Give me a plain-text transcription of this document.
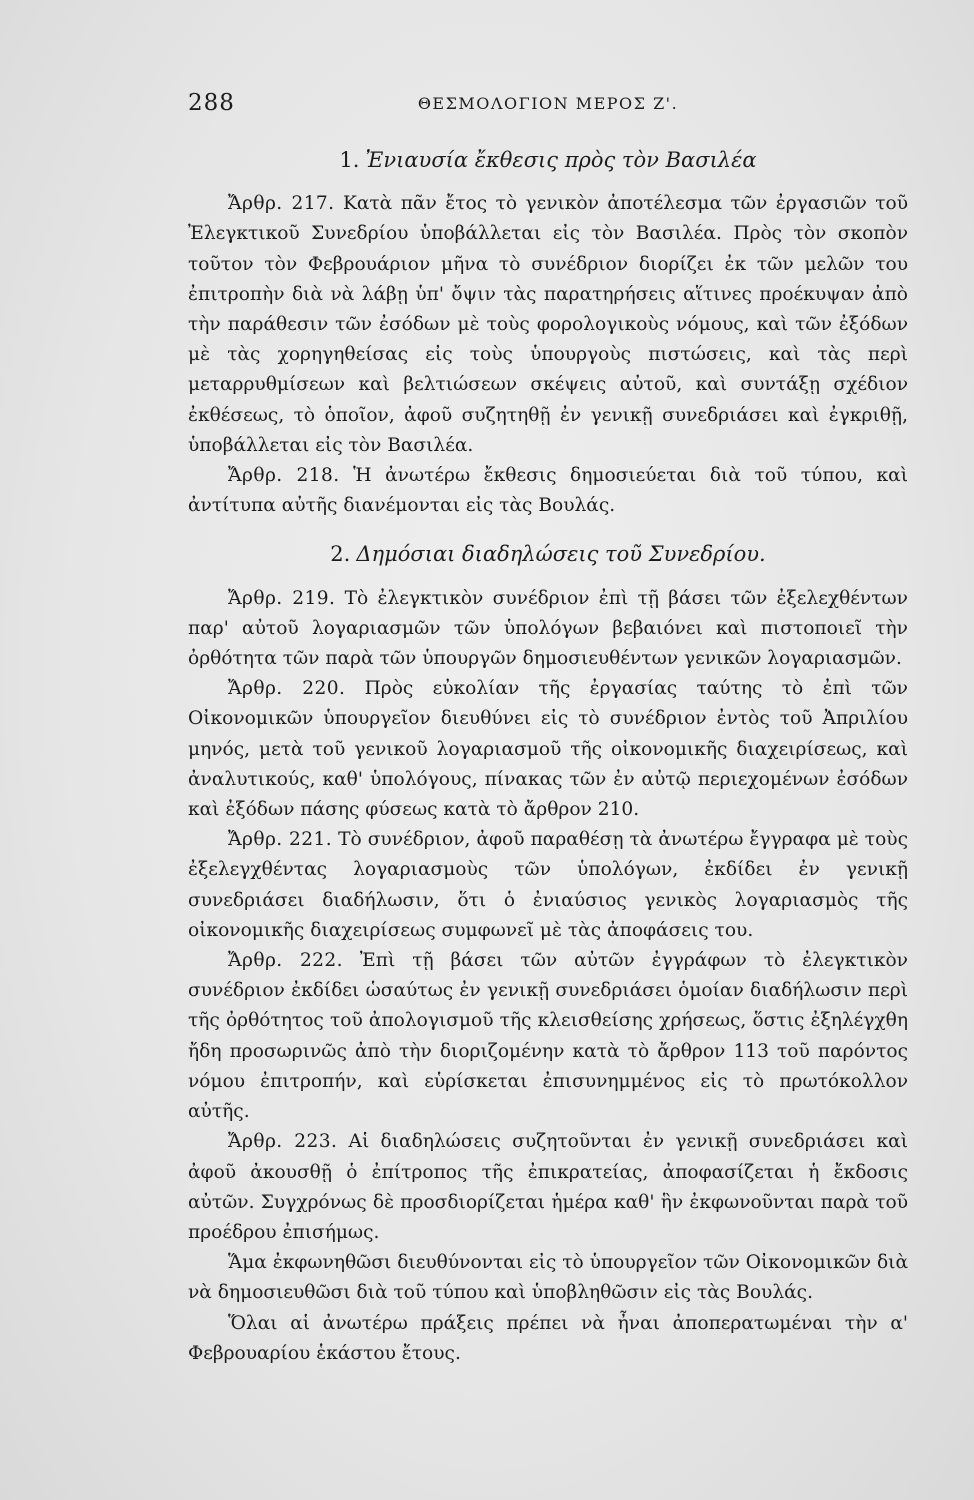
288	ΘΕΣΜΟΛΟΓΙΟΝ ΜΕΡΟΣ Ζ'.
1. Ἐνιαυσία ἔκθεσις πρὸς τὸν Βασιλέα

Ἄρθρ. 217. Κατὰ πᾶν ἔτος τὸ γενικὸν ἀποτέλεσμα τῶν ἐργασιῶν τοῦ Ἐλεγκτικοῦ Συνεδρίου ὑποβάλλεται εἰς τὸν Βασιλέα. Πρὸς τὸν σκοπὸν τοῦτον τὸν Φεβρουάριον μῆνα τὸ συνέδριον διορίζει ἐκ τῶν μελῶν του ἐπιτροπὴν διὰ νὰ λάβῃ ὑπ' ὄψιν τὰς παρατηρήσεις αἵτινες προέκυψαν ἀπὸ τὴν παράθεσιν τῶν ἐσόδων μὲ τοὺς φορολογικοὺς νόμους, καὶ τῶν ἐξόδων μὲ τὰς χορηγηθείσας εἰς τοὺς ὑπουργοὺς πιστώσεις, καὶ τὰς περὶ μεταρρυθμίσεων καὶ βελτιώσεων σκέψεις αὐτοῦ, καὶ συντάξῃ σχέδιον ἐκθέσεως, τὸ ὁποῖον, ἀφοῦ συζητηθῇ ἐν γενικῇ συνεδριάσει καὶ ἐγκριθῇ, ὑποβάλλεται εἰς τὸν Βασιλέα.

Ἄρθρ. 218. Ἡ ἀνωτέρω ἔκθεσις δημοσιεύεται διὰ τοῦ τύπου, καὶ ἀντίτυπα αὐτῆς διανέμονται εἰς τὰς Βουλάς.

2. Δημόσιαι διαδηλώσεις τοῦ Συνεδρίου.

Ἄρθρ. 219. Τὸ ἐλεγκτικὸν συνέδριον ἐπὶ τῇ βάσει τῶν ἐξελεχθέντων παρ' αὐτοῦ λογαριασμῶν τῶν ὑπολόγων βεβαιόνει καὶ πιστοποιεῖ τὴν ὀρθότητα τῶν παρὰ τῶν ὑπουργῶν δημοσιευθέντων γενικῶν λογαριασμῶν.

Ἄρθρ. 220. Πρὸς εὐκολίαν τῆς ἐργασίας ταύτης τὸ ἐπὶ τῶν Οἰκονομικῶν ὑπουργεῖον διευθύνει εἰς τὸ συνέδριον ἐντὸς τοῦ Ἀπριλίου μηνός, μετὰ τοῦ γενικοῦ λογαριασμοῦ τῆς οἰκονομικῆς διαχειρίσεως, καὶ ἀναλυτικούς, καθ' ὑπολόγους, πίνακας τῶν ἐν αὐτῷ περιεχομένων ἐσόδων καὶ ἐξόδων πάσης φύσεως κατὰ τὸ ἄρθρον 210.

Ἄρθρ. 221. Τὸ συνέδριον, ἀφοῦ παραθέσῃ τὰ ἀνωτέρω ἔγγραφα μὲ τοὺς ἐξελεγχθέντας λογαριασμοὺς τῶν ὑπολόγων, ἐκδίδει ἐν γενικῇ συνεδριάσει διαδήλωσιν, ὅτι ὁ ἐνιαύσιος γενικὸς λογαριασμὸς τῆς οἰκονομικῆς διαχειρίσεως συμφωνεῖ μὲ τὰς ἀποφάσεις του.

Ἄρθρ. 222. Ἐπὶ τῇ βάσει τῶν αὐτῶν ἐγγράφων τὸ ἐλεγκτικὸν συνέδριον ἐκδίδει ὡσαύτως ἐν γενικῇ συνεδριάσει ὁμοίαν διαδήλωσιν περὶ τῆς ὀρθότητος τοῦ ἀπολογισμοῦ τῆς κλεισθείσης χρήσεως, ὅστις ἐξηλέγχθη ἤδη προσωρινῶς ἀπὸ τὴν διοριζομένην κατὰ τὸ ἄρθρον 113 τοῦ παρόντος νόμου ἐπιτροπήν, καὶ εὑρίσκεται ἐπισυνημμένος εἰς τὸ πρωτόκολλον αὐτῆς.

Ἄρθρ. 223. Αἱ διαδηλώσεις συζητοῦνται ἐν γενικῇ συνεδριάσει καὶ ἀφοῦ ἀκουσθῇ ὁ ἐπίτροπος τῆς ἐπικρατείας, ἀποφασίζεται ἡ ἔκδοσις αὐτῶν. Συγχρόνως δὲ προσδιορίζεται ἡμέρα καθ' ἣν ἐκφωνοῦνται παρὰ τοῦ προέδρου ἐπισήμως.

Ἅμα ἐκφωνηθῶσι διευθύνονται εἰς τὸ ὑπουργεῖον τῶν Οἰκονομικῶν διὰ νὰ δημοσιευθῶσι διὰ τοῦ τύπου καὶ ὑποβληθῶσιν εἰς τὰς Βουλάς.

Ὅλαι αἱ ἀνωτέρω πράξεις πρέπει νὰ ἦναι ἀποπερατωμέναι τὴν α' Φεβρουαρίου ἑκάστου ἔτους.
